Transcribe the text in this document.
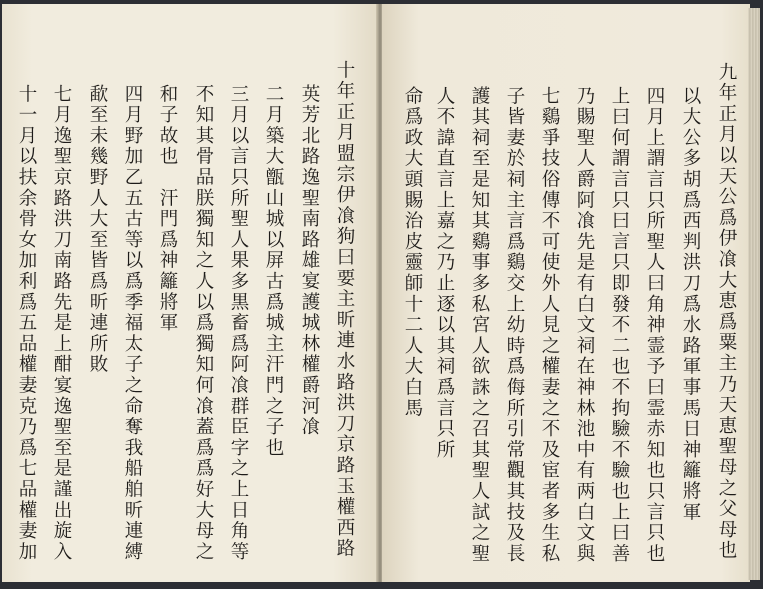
十年正月盟宗伊飡狗曰要主昕連水路洪刀京路玉權西路
英芳北路逸聖南路雄宴護城林權爵河飡
二月築大甑山城以屏古爲城主汗門之子也
三月以言只所聖人果多黒畜爲阿飡群臣字之上日角等
不知其骨品朕獨知之人以爲獨知何飡蓋爲爲好大母之
和子故也　汗門爲神籬將軍
四月野加乙五古等以爲季福太子之命奪我船舶昕連縛
歃至未幾野人大至皆爲昕連所敗
七月逸聖京路洪刀南路先是上酣宴逸聖至是謹出旋入
十一月以扶余骨女加利爲五品權妻克乃爲七品權妻加	九年正月以天公爲伊飡大恵爲粟主乃天恵聖母之父母也
以大公多胡爲西判洪刀爲水路軍事馬日神籬將軍
四月上謂言只所聖人曰角神霊予曰霊赤知也只言只也
上曰何謂言只曰言只即發不二也不拘驗不驗也上曰善
乃賜聖人爵阿飡先是有白文祠在神林池中有两白文與
七鷄爭技俗傳不可使外人見之權妻之不及宦者多生私
子皆妻於祠主言爲鷄交上幼時爲侮所引常觀其技及長
護其祠至是知其鷄事多私宮人欲誅之召其聖人試之聖
人不諱直言上嘉之乃止逐以其祠爲言只所
命爲政大頭賜治皮靈師十二人大白馬
